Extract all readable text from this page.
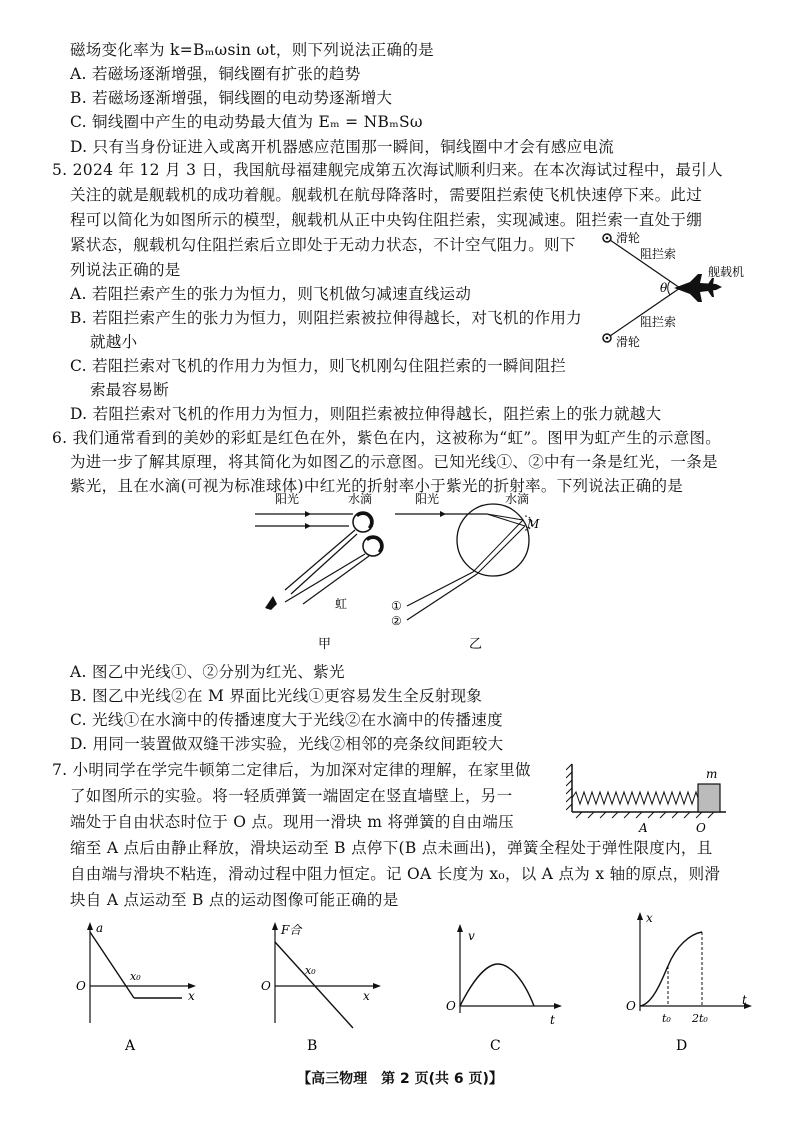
磁场变化率为 k=Bₘωsin ωt，则下列说法正确的是
A. 若磁场逐渐增强，铜线圈有扩张的趋势
B. 若磁场逐渐增强，铜线圈的电动势逐渐增大
C. 铜线圈中产生的电动势最大值为 Eₘ = NBₘSω
D. 只有当身份证进入或离开机器感应范围那一瞬间，铜线圈中才会有感应电流
5. 2024 年 12 月 3 日，我国航母福建舰完成第五次海试顺利归来。在本次海试过程中，最引人
关注的就是舰载机的成功着舰。舰载机在航母降落时，需要阻拦索使飞机快速停下来。此过
程可以简化为如图所示的模型，舰载机从正中央钩住阻拦索，实现减速。阻拦索一直处于绷
紧状态，舰载机勾住阻拦索后立即处于无动力状态，不计空气阻力。则下
列说法正确的是
A. 若阻拦索产生的张力为恒力，则飞机做匀减速直线运动
B. 若阻拦索产生的张力为恒力，则阻拦索被拉伸得越长，对飞机的作用力
就越小
C. 若阻拦索对飞机的作用力为恒力，则飞机刚勾住阻拦索的一瞬间阻拦
索最容易断
D. 若阻拦索对飞机的作用力为恒力，则阻拦索被拉伸得越长，阻拦索上的张力就越大
滑轮
滑轮
阻拦索
阻拦索
舰载机
θ
6. 我们通常看到的美妙的彩虹是红色在外，紫色在内，这被称为“虹”。图甲为虹产生的示意图。
为进一步了解其原理，将其简化为如图乙的示意图。已知光线①、②中有一条是红光，一条是
紫光，且在水滴(可视为标准球体)中红光的折射率小于紫光的折射率。下列说法正确的是
阳光	水滴
虹
甲
阳光	水滴
M
①
②
乙
A. 图乙中光线①、②分别为红光、紫光
B. 图乙中光线②在 M 界面比光线①更容易发生全反射现象
C. 光线①在水滴中的传播速度大于光线②在水滴中的传播速度
D. 用同一装置做双缝干涉实验，光线②相邻的亮条纹间距较大
7. 小明同学在学完牛顿第二定律后，为加深对定律的理解，在家里做
了如图所示的实验。将一轻质弹簧一端固定在竖直墙壁上，另一
端处于自由状态时位于 O 点。现用一滑块 m 将弹簧的自由端压
缩至 A 点后由静止释放，滑块运动至 B 点停下(B 点未画出)，弹簧全程处于弹性限度内，且
自由端与滑块不粘连，滑动过程中阻力恒定。记 OA 长度为 x₀，以 A 点为 x 轴的原点，则滑
块自 A 点运动至 B 点的运动图像可能正确的是
m
A	O
a
x
O
x₀
A
F合
x
O
x₀
B
v
t
O
C
x
t
O
t₀ 2t₀
D
【高三物理　第 2 页(共 6 页)】
